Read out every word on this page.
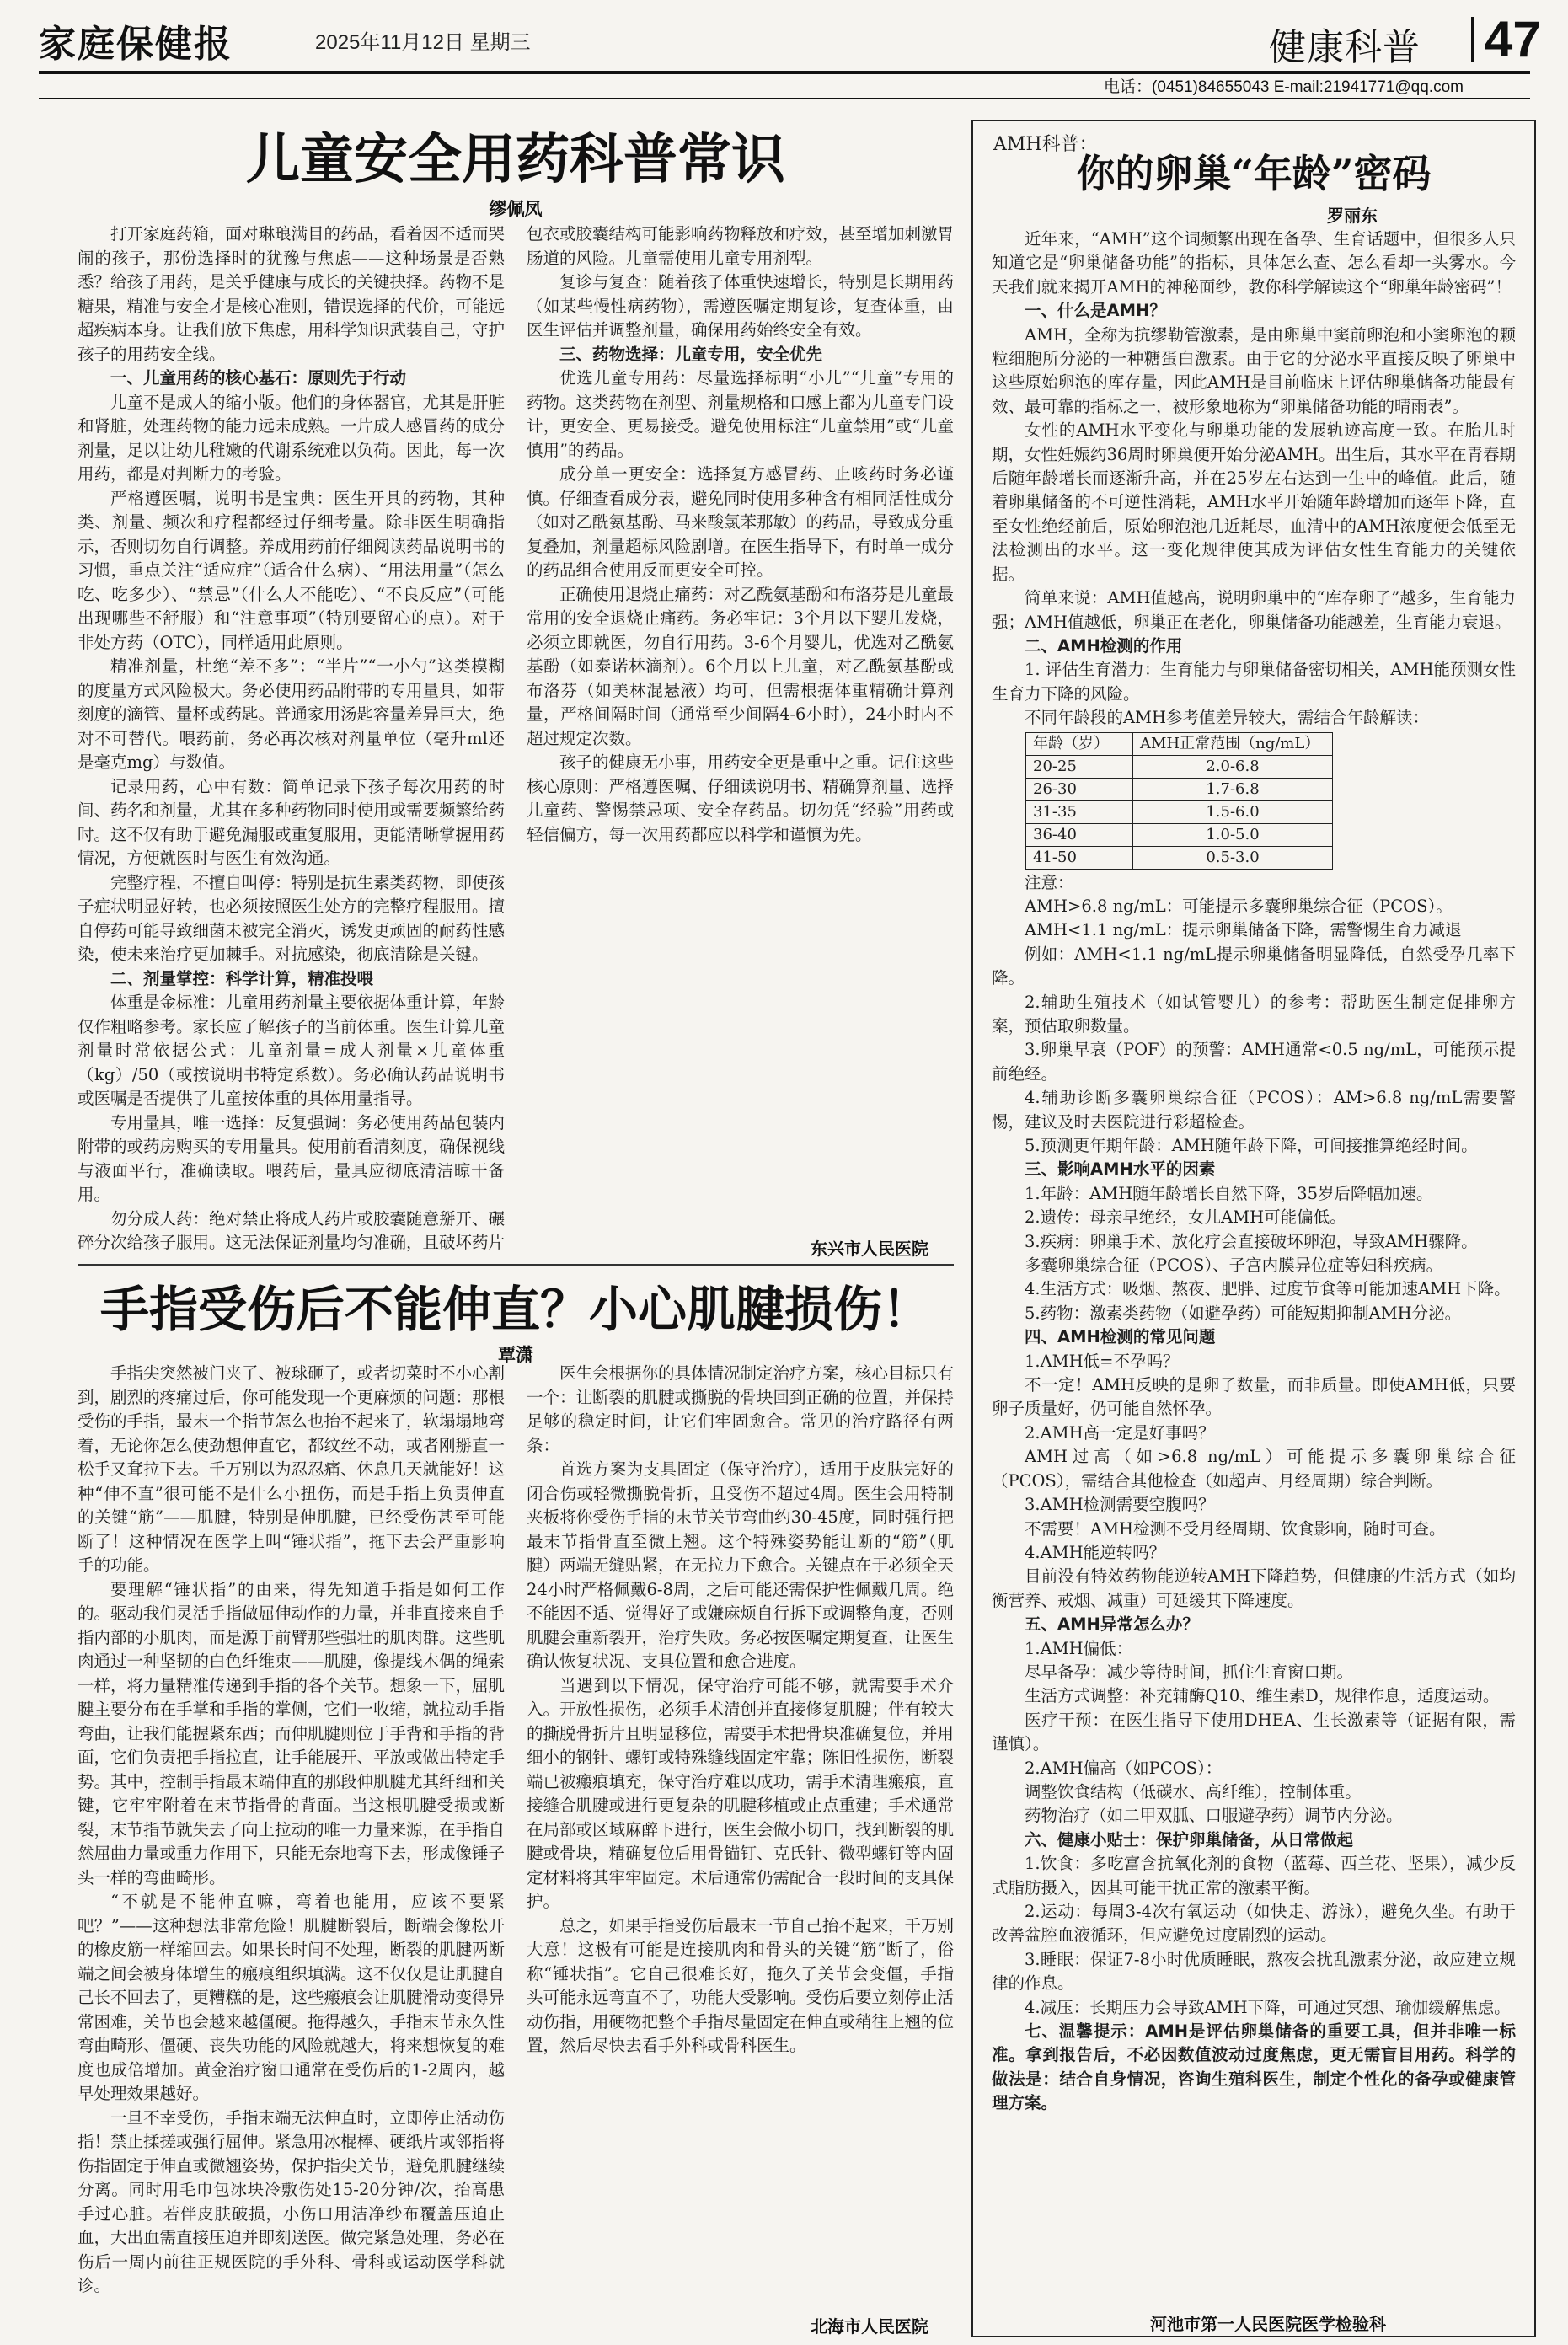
家庭保健报	2025年11月12日 星期三	健康科普 47
电话：(0451)84655043 E-mail:21941771@qq.com
儿童安全用药科普常识
缪佩凤

打开家庭药箱，面对琳琅满目的药品，看着因不适而哭闹的孩子，那份选择时的犹豫与焦虑——这种场景是否熟悉？给孩子用药，是关乎健康与成长的关键抉择。药物不是糖果，精准与安全才是核心准则，错误选择的代价，可能远超疾病本身。让我们放下焦虑，用科学知识武装自己，守护孩子的用药安全线。

一、儿童用药的核心基石：原则先于行动

儿童不是成人的缩小版。他们的身体器官，尤其是肝脏和肾脏，处理药物的能力远未成熟。一片成人感冒药的成分剂量，足以让幼儿稚嫩的代谢系统难以负荷。因此，每一次用药，都是对判断力的考验。

严格遵医嘱，说明书是宝典：医生开具的药物，其种类、剂量、频次和疗程都经过仔细考量。除非医生明确指示，否则切勿自行调整。养成用药前仔细阅读药品说明书的习惯，重点关注“适应症”（适合什么病）、“用法用量”（怎么吃、吃多少）、“禁忌”（什么人不能吃）、“不良反应”（可能出现哪些不舒服）和“注意事项”（特别要留心的点）。对于非处方药（OTC），同样适用此原则。

精准剂量，杜绝“差不多”：“半片”“一小勺”这类模糊的度量方式风险极大。务必使用药品附带的专用量具，如带刻度的滴管、量杯或药匙。普通家用汤匙容量差异巨大，绝对不可替代。喂药前，务必再次核对剂量单位（毫升ml还是毫克mg）与数值。

记录用药，心中有数：简单记录下孩子每次用药的时间、药名和剂量，尤其在多种药物同时使用或需要频繁给药时。这不仅有助于避免漏服或重复服用，更能清晰掌握用药情况，方便就医时与医生有效沟通。

完整疗程，不擅自叫停：特别是抗生素类药物，即使孩子症状明显好转，也必须按照医生处方的完整疗程服用。擅自停药可能导致细菌未被完全消灭，诱发更顽固的耐药性感染，使未来治疗更加棘手。对抗感染，彻底清除是关键。

二、剂量掌控：科学计算，精准投喂

体重是金标准：儿童用药剂量主要依据体重计算，年龄仅作粗略参考。家长应了解孩子的当前体重。医生计算儿童剂量时常依据公式：儿童剂量=成人剂量×儿童体重（kg）/50（或按说明书特定系数）。务必确认药品说明书或医嘱是否提供了儿童按体重的具体用量指导。

专用量具，唯一选择：反复强调：务必使用药品包装内附带的或药房购买的专用量具。使用前看清刻度，确保视线与液面平行，准确读取。喂药后，量具应彻底清洁晾干备用。

勿分成人药：绝对禁止将成人药片或胶囊随意掰开、碾碎分次给孩子服用。这无法保证剂量均匀准确，且破坏药片包衣或胶囊结构可能影响药物释放和疗效，甚至增加刺激胃肠道的风险。儿童需使用儿童专用剂型。

复诊与复查：随着孩子体重快速增长，特别是长期用药（如某些慢性病药物），需遵医嘱定期复诊，复查体重，由医生评估并调整剂量，确保用药始终安全有效。

三、药物选择：儿童专用，安全优先

优选儿童专用药：尽量选择标明“小儿”“儿童”专用的药物。这类药物在剂型、剂量规格和口感上都为儿童专门设计，更安全、更易接受。避免使用标注“儿童禁用”或“儿童慎用”的药品。

成分单一更安全：选择复方感冒药、止咳药时务必谨慎。仔细查看成分表，避免同时使用多种含有相同活性成分（如对乙酰氨基酚、马来酸氯苯那敏）的药品，导致成分重复叠加，剂量超标风险剧增。在医生指导下，有时单一成分的药品组合使用反而更安全可控。

正确使用退烧止痛药：对乙酰氨基酚和布洛芬是儿童最常用的安全退烧止痛药。务必牢记：3个月以下婴儿发烧，必须立即就医，勿自行用药。3-6个月婴儿，优选对乙酰氨基酚（如泰诺林滴剂）。6个月以上儿童，对乙酰氨基酚或布洛芬（如美林混悬液）均可，但需根据体重精确计算剂量，严格间隔时间（通常至少间隔4-6小时），24小时内不超过规定次数。

孩子的健康无小事，用药安全更是重中之重。记住这些核心原则：严格遵医嘱、仔细读说明书、精确算剂量、选择儿童药、警惕禁忌项、安全存药品。切勿凭“经验”用药或轻信偏方，每一次用药都应以科学和谨慎为先。

东兴市人民医院
手指受伤后不能伸直？小心肌腱损伤！
覃潇

手指尖突然被门夹了、被球砸了，或者切菜时不小心割到，剧烈的疼痛过后，你可能发现一个更麻烦的问题：那根受伤的手指，最末一个指节怎么也抬不起来了，软塌塌地弯着，无论你怎么使劲想伸直它，都纹丝不动，或者刚掰直一松手又耷拉下去。千万别以为忍忍痛、休息几天就能好！这种“伸不直”很可能不是什么小扭伤，而是手指上负责伸直的关键“筋”——肌腱，特别是伸肌腱，已经受伤甚至可能断了！这种情况在医学上叫“锤状指”，拖下去会严重影响手的功能。

要理解“锤状指”的由来，得先知道手指是如何工作的。驱动我们灵活手指做屈伸动作的力量，并非直接来自手指内部的小肌肉，而是源于前臂那些强壮的肌肉群。这些肌肉通过一种坚韧的白色纤维束——肌腱，像提线木偶的绳索一样，将力量精准传递到手指的各个关节。想象一下，屈肌腱主要分布在手掌和手指的掌侧，它们一收缩，就拉动手指弯曲，让我们能握紧东西；而伸肌腱则位于手背和手指的背面，它们负责把手指拉直，让手能展开、平放或做出特定手势。其中，控制手指最末端伸直的那段伸肌腱尤其纤细和关键，它牢牢附着在末节指骨的背面。当这根肌腱受损或断裂，末节指节就失去了向上拉动的唯一力量来源，在手指自然屈曲力量或重力作用下，只能无奈地弯下去，形成像锤子头一样的弯曲畸形。

“不就是不能伸直嘛，弯着也能用，应该不要紧吧？”——这种想法非常危险！肌腱断裂后，断端会像松开的橡皮筋一样缩回去。如果长时间不处理，断裂的肌腱两断端之间会被身体增生的瘢痕组织填满。这不仅仅是让肌腱自己长不回去了，更糟糕的是，这些瘢痕会让肌腱滑动变得异常困难，关节也会越来越僵硬。拖得越久，手指末节永久性弯曲畸形、僵硬、丧失功能的风险就越大，将来想恢复的难度也成倍增加。黄金治疗窗口通常在受伤后的1-2周内，越早处理效果越好。

一旦不幸受伤，手指末端无法伸直时，立即停止活动伤指！禁止揉搓或强行屈伸。紧急用冰棍棒、硬纸片或邻指将伤指固定于伸直或微翘姿势，保护指尖关节，避免肌腱继续分离。同时用毛巾包冰块冷敷伤处15-20分钟/次，抬高患手过心脏。若伴皮肤破损，小伤口用洁净纱布覆盖压迫止血，大出血需直接压迫并即刻送医。做完紧急处理，务必在伤后一周内前往正规医院的手外科、骨科或运动医学科就诊。

医生会根据你的具体情况制定治疗方案，核心目标只有一个：让断裂的肌腱或撕脱的骨块回到正确的位置，并保持足够的稳定时间，让它们牢固愈合。常见的治疗路径有两条：

首选方案为支具固定（保守治疗），适用于皮肤完好的闭合伤或轻微撕脱骨折，且受伤不超过4周。医生会用特制夹板将你受伤手指的末节关节弯曲约30-45度，同时强行把最末节指骨直至微上翘。这个特殊姿势能让断的“筋”（肌腱）两端无缝贴紧，在无拉力下愈合。关键点在于必须全天24小时严格佩戴6-8周，之后可能还需保护性佩戴几周。绝不能因不适、觉得好了或嫌麻烦自行拆下或调整角度，否则肌腱会重新裂开，治疗失败。务必按医嘱定期复查，让医生确认恢复状况、支具位置和愈合进度。

当遇到以下情况，保守治疗可能不够，就需要手术介入。开放性损伤，必须手术清创并直接修复肌腱；伴有较大的撕脱骨折片且明显移位，需要手术把骨块准确复位，并用细小的钢针、螺钉或特殊缝线固定牢靠；陈旧性损伤，断裂端已被瘢痕填充，保守治疗难以成功，需手术清理瘢痕，直接缝合肌腱或进行更复杂的肌腱移植或止点重建；手术通常在局部或区域麻醉下进行，医生会做小切口，找到断裂的肌腱或骨块，精确复位后用骨锚钉、克氏针、微型螺钉等内固定材料将其牢牢固定。术后通常仍需配合一段时间的支具保护。

总之，如果手指受伤后最末一节自己抬不起来，千万别大意！这极有可能是连接肌肉和骨头的关键“筋”断了，俗称“锤状指”。它自己很难长好，拖久了关节会变僵，手指头可能永远弯直不了，功能大受影响。受伤后要立刻停止活动伤指，用硬物把整个手指尽量固定在伸直或稍往上翘的位置，然后尽快去看手外科或骨科医生。

北海市人民医院
AMH科普：
你的卵巢“年龄”密码
罗丽东

近年来，“AMH”这个词频繁出现在备孕、生育话题中，但很多人只知道它是“卵巢储备功能”的指标，具体怎么查、怎么看却一头雾水。今天我们就来揭开AMH的神秘面纱，教你科学解读这个“卵巢年龄密码”！

一、什么是AMH？

AMH，全称为抗缪勒管激素，是由卵巢中窦前卵泡和小窦卵泡的颗粒细胞所分泌的一种糖蛋白激素。由于它的分泌水平直接反映了卵巢中这些原始卵泡的库存量，因此AMH是目前临床上评估卵巢储备功能最有效、最可靠的指标之一，被形象地称为“卵巢储备功能的晴雨表”。

女性的AMH水平变化与卵巢功能的发展轨迹高度一致。在胎儿时期，女性妊娠约36周时卵巢便开始分泌AMH。出生后，其水平在青春期后随年龄增长而逐渐升高，并在25岁左右达到一生中的峰值。此后，随着卵巢储备的不可逆性消耗，AMH水平开始随年龄增加而逐年下降，直至女性绝经前后，原始卵泡池几近耗尽，血清中的AMH浓度便会低至无法检测出的水平。这一变化规律使其成为评估女性生育能力的关键依据。

简单来说：AMH值越高，说明卵巢中的“库存卵子”越多，生育能力强；AMH值越低，卵巢正在老化，卵巢储备功能越差，生育能力衰退。

二、AMH检测的作用

1. 评估生育潜力：生育能力与卵巢储备密切相关，AMH能预测女性生育力下降的风险。

不同年龄段的AMH参考值差异较大，需结合年龄解读：

年龄（岁）	AMH正常范围（ng/mL）
20-25	2.0-6.8
26-30	1.7-6.8
31-35	1.5-6.0
36-40	1.0-5.0
41-50	0.5-3.0

注意：

AMH>6.8 ng/mL：可能提示多囊卵巢综合征（PCOS）。

AMH<1.1 ng/mL：提示卵巢储备下降，需警惕生育力减退

例如：AMH<1.1 ng/mL提示卵巢储备明显降低，自然受孕几率下降。

2.辅助生殖技术（如试管婴儿）的参考：帮助医生制定促排卵方案，预估取卵数量。

3.卵巢早衰（POF）的预警：AMH通常<0.5 ng/mL，可能预示提前绝经。

4.辅助诊断多囊卵巢综合征（PCOS）：AM>6.8 ng/mL需要警惕，建议及时去医院进行彩超检查。

5.预测更年期年龄：AMH随年龄下降，可间接推算绝经时间。

三、影响AMH水平的因素

1.年龄：AMH随年龄增长自然下降，35岁后降幅加速。

2.遗传：母亲早绝经，女儿AMH可能偏低。

3.疾病：卵巢手术、放化疗会直接破坏卵泡，导致AMH骤降。

多囊卵巢综合征（PCOS）、子宫内膜异位症等妇科疾病。

4.生活方式：吸烟、熬夜、肥胖、过度节食等可能加速AMH下降。

5.药物：激素类药物（如避孕药）可能短期抑制AMH分泌。

四、AMH检测的常见问题

1.AMH低=不孕吗？

不一定！AMH反映的是卵子数量，而非质量。即使AMH低，只要卵子质量好，仍可能自然怀孕。

2.AMH高一定是好事吗？

AMH过高（如>6.8 ng/mL）可能提示多囊卵巢综合征（PCOS），需结合其他检查（如超声、月经周期）综合判断。

3.AMH检测需要空腹吗？

不需要！AMH检测不受月经周期、饮食影响，随时可查。

4.AMH能逆转吗？

目前没有特效药物能逆转AMH下降趋势，但健康的生活方式（如均衡营养、戒烟、减重）可延缓其下降速度。

五、AMH异常怎么办？

1.AMH偏低：

尽早备孕：减少等待时间，抓住生育窗口期。

生活方式调整：补充辅酶Q10、维生素D，规律作息，适度运动。

医疗干预：在医生指导下使用DHEA、生长激素等（证据有限，需谨慎）。

2.AMH偏高（如PCOS）：

调整饮食结构（低碳水、高纤维），控制体重。

药物治疗（如二甲双胍、口服避孕药）调节内分泌。

六、健康小贴士：保护卵巢储备，从日常做起

1.饮食：多吃富含抗氧化剂的食物（蓝莓、西兰花、坚果），减少反式脂肪摄入，因其可能干扰正常的激素平衡。

2.运动：每周3-4次有氧运动（如快走、游泳），避免久坐。有助于改善盆腔血液循环，但应避免过度剧烈的运动。

3.睡眠：保证7-8小时优质睡眠，熬夜会扰乱激素分泌，故应建立规律的作息。

4.减压：长期压力会导致AMH下降，可通过冥想、瑜伽缓解焦虑。

七、温馨提示：AMH是评估卵巢储备的重要工具，但并非唯一标准。拿到报告后，不必因数值波动过度焦虑，更无需盲目用药。科学的做法是：结合自身情况，咨询生殖科医生，制定个性化的备孕或健康管理方案。
河池市第一人民医院医学检验科
